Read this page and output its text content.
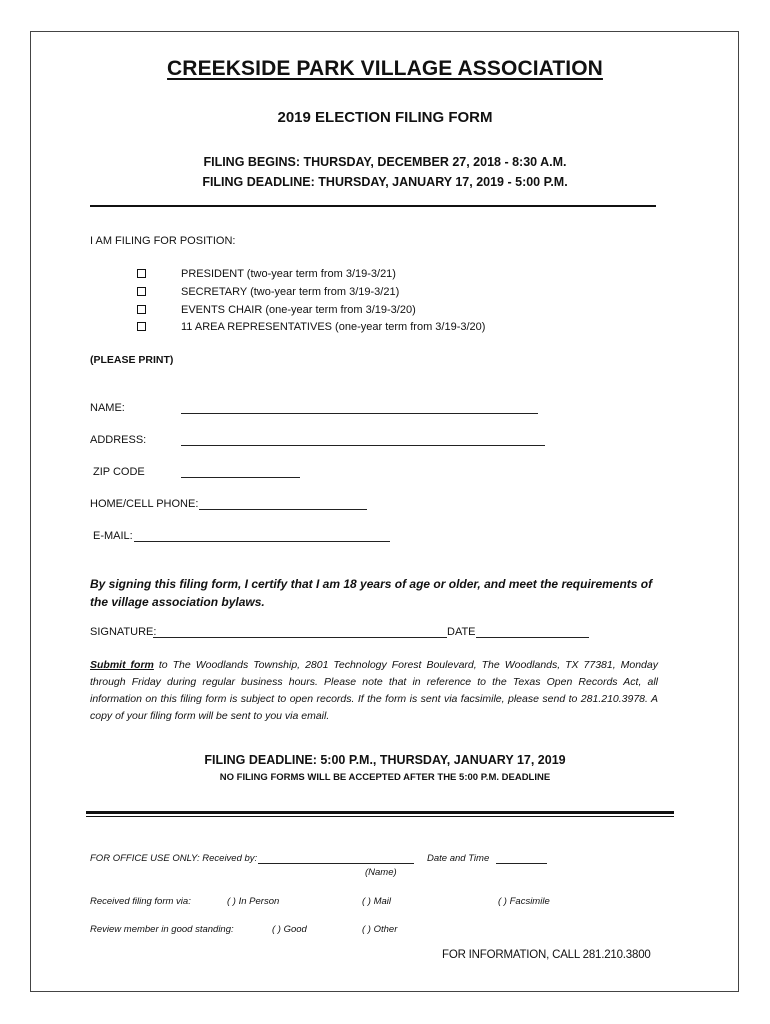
CREEKSIDE PARK VILLAGE ASSOCIATION
2019 ELECTION FILING FORM
FILING BEGINS: THURSDAY, DECEMBER 27, 2018 - 8:30 A.M.
FILING DEADLINE: THURSDAY, JANUARY 17, 2019 - 5:00 P.M.
I AM FILING FOR POSITION:
PRESIDENT (two-year term from 3/19-3/21)
SECRETARY (two-year term from 3/19-3/21)
EVENTS CHAIR (one-year term from 3/19-3/20)
11 AREA REPRESENTATIVES (one-year term from 3/19-3/20)
(PLEASE PRINT)
NAME:
ADDRESS:
ZIP CODE
HOME/CELL PHONE:
E-MAIL:
By signing this filing form, I certify that I am 18 years of age or older, and meet the requirements of the village association bylaws.
SIGNATURE:	DATE
Submit form to The Woodlands Township, 2801 Technology Forest Boulevard, The Woodlands, TX 77381, Monday through Friday during regular business hours. Please note that in reference to the Texas Open Records Act, all information on this filing form is subject to open records. If the form is sent via facsimile, please send to 281.210.3978. A copy of your filing form will be sent to you via email.
FILING DEADLINE: 5:00 P.M., THURSDAY, JANUARY 17, 2019
NO FILING FORMS WILL BE ACCEPTED AFTER THE 5:00 P.M. DEADLINE
FOR OFFICE USE ONLY: Received by:	Date and Time
(Name)
Received filing form via:	( ) In Person	( ) Mail	( ) Facsimile
Review member in good standing:	( ) Good	( ) Other
FOR INFORMATION, CALL 281.210.3800
